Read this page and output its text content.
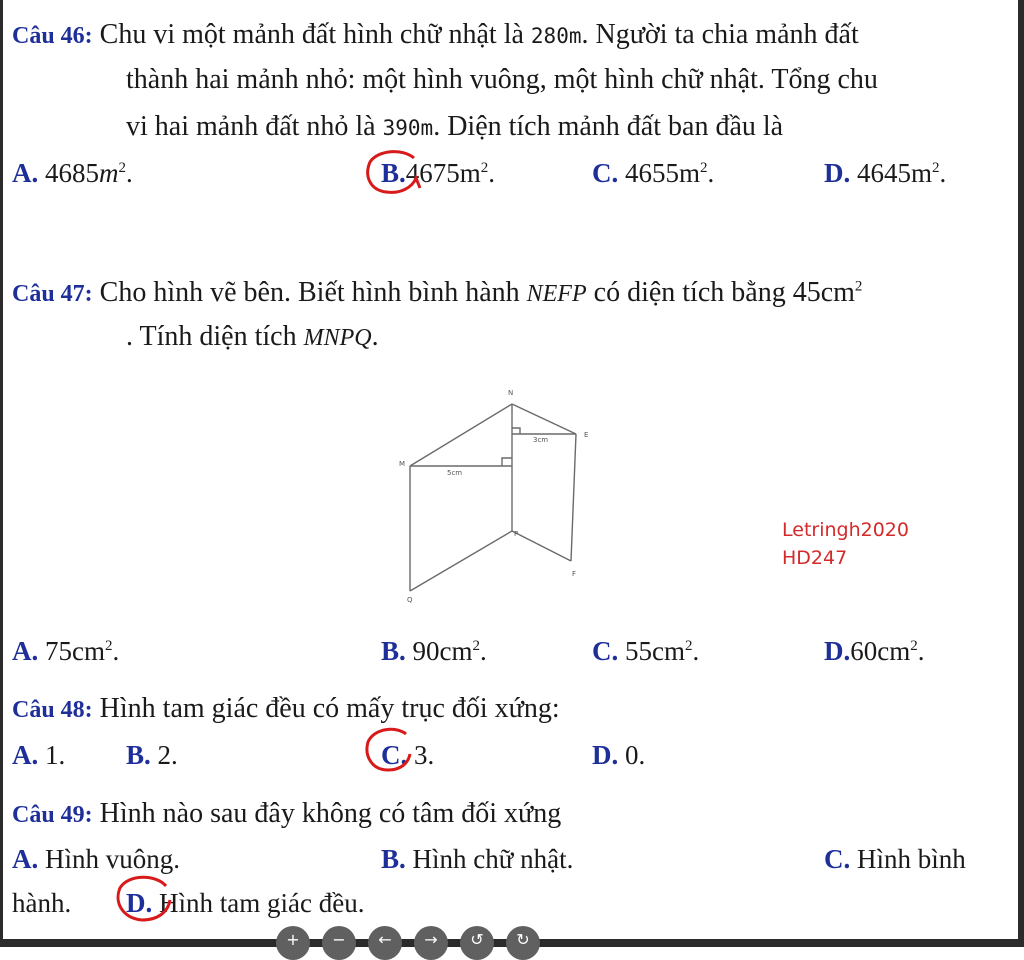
Câu 46: Chu vi một mảnh đất hình chữ nhật là 280m. Người ta chia mảnh đất
thành hai mảnh nhỏ: một hình vuông, một hình chữ nhật. Tổng chu
vi hai mảnh đất nhỏ là 390m. Diện tích mảnh đất ban đầu là
A. $4685m^2$.	$B.4675m^2$.	C. $4655m^2$.	D. $4645m^2$.
Câu 47: Cho hình vẽ bên. Biết hình bình hành NEFP có diện tích bằng $45cm^2$
. Tính diện tích MNPQ.
N
E
M
P
F
Q
3cm
5cm
Letringh2020
HD247
A. $75cm^2$.	B. $90cm^2$.	C. $55cm^2$.	$D.60cm^2$.
Câu 48: Hình tam giác đều có mấy trục đối xứng:
A. 1. B. 2.	C. 3.	D. 0.
Câu 49: Hình nào sau đây không có tâm đối xứng
A. Hình vuông.	B. Hình chữ nhật.	C. Hình bình
hành. D. Hình tam giác đều.
+	−	←	→	↺	↻
